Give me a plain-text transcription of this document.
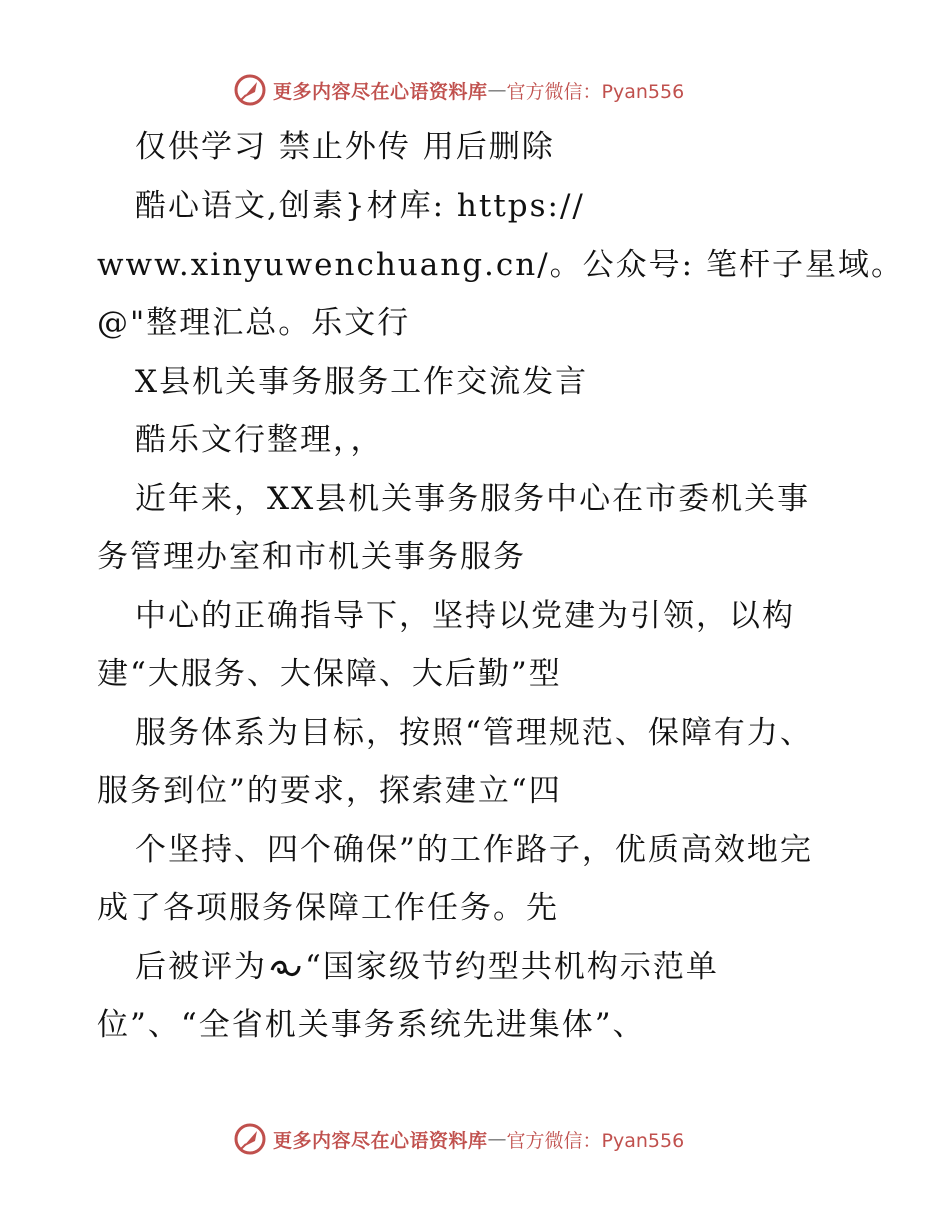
更多内容尽在心语资料库 — 官方微信：Pyan556
仅供学习 禁止外传 用后删除
酷心语文,创素}材库: https://
www.xinyuwenchuang.cn/。公众号: 笔杆子星域。
@"整理汇总。乐文行
X县机关事务服务工作交流发言
酷乐文行整理，，
近年来，XX县机关事务服务中心在市委机关事
务管理办室和市机关事务服务
中心的正确指导下，坚持以党建为引领，以构
建“大服务、大保障、大后勤”型
服务体系为目标，按照“管理规范、保障有力、
服务到位”的要求，探索建立“四
个坚持、四个确保”的工作路子，优质高效地完
成了各项服务保障工作任务。先
后被评为 “国家级节约型共机构示范单
位”、“全省机关事务系统先进集体”、
更多内容尽在心语资料库 — 官方微信：Pyan556
